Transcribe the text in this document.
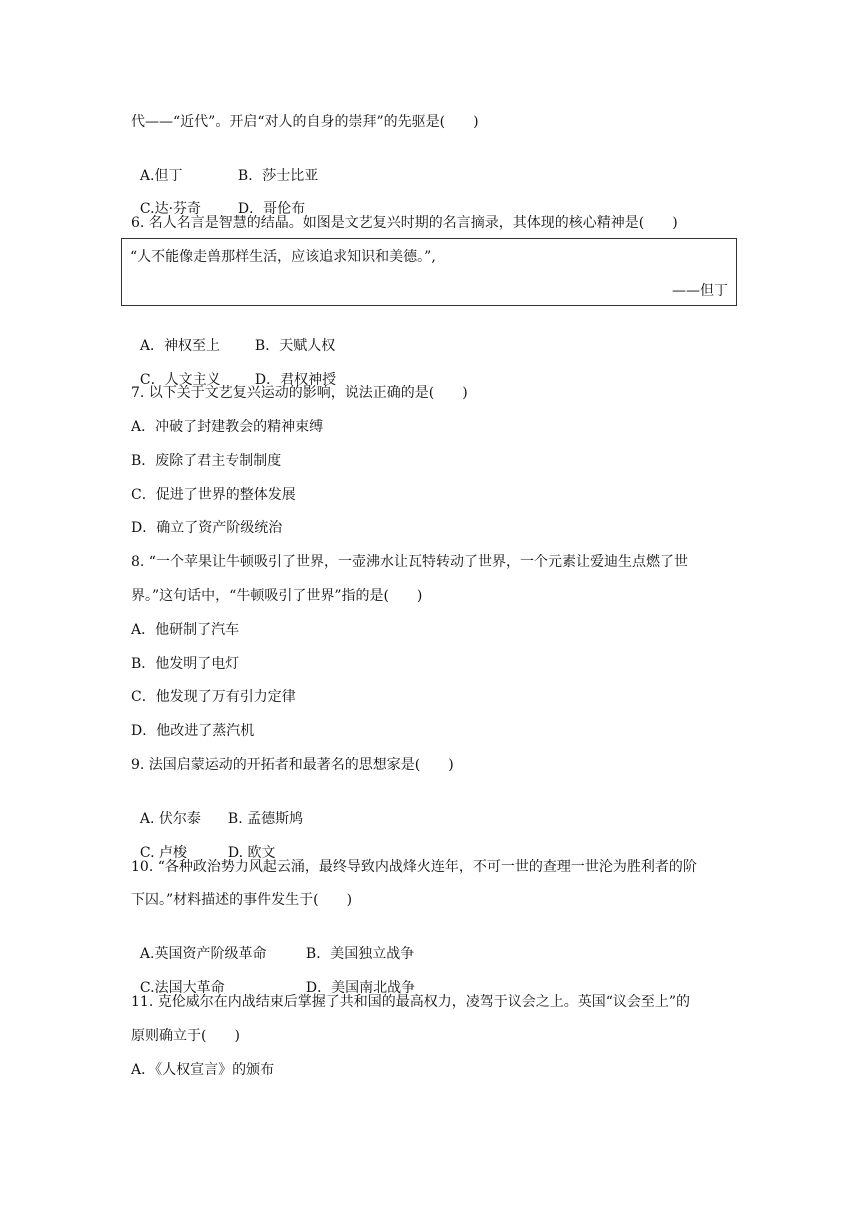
代——“近代”。开启“对人的自身的崇拜”的先驱是(　　)

A.但丁	B．莎士比亚

C.达·芬奇	D．哥伦布

6. 名人名言是智慧的结晶。如图是文艺复兴时期的名言摘录，其体现的核心精神是(　　)
“人不能像走兽那样生活，应该追求知识和美德。”,
——但丁

A．神权至上 B．天赋人权

C．人文主义 D．君权神授

7. 以下关于文艺复兴运动的影响，说法正确的是(　　)
A．冲破了封建教会的精神束缚
B．废除了君主专制制度
C．促进了世界的整体发展
D．确立了资产阶级统治
8. “一个苹果让牛顿吸引了世界，一壶沸水让瓦特转动了世界，一个元素让爱迪生点燃了世
界。”这句话中，“牛顿吸引了世界”指的是(　　)
A．他研制了汽车
B．他发明了电灯
C．他发现了万有引力定律
D．他改进了蒸汽机
9. 法国启蒙运动的开拓者和最著名的思想家是(　　)

A. 伏尔泰 B. 孟德斯鸠

C. 卢梭	D. 欧文

10. “各种政治势力风起云涌，最终导致内战烽火连年，不可一世的查理一世沦为胜利者的阶
下囚。”材料描述的事件发生于(　　)

A.英国资产阶级革命	B．美国独立战争

C.法国大革命	D．美国南北战争

11. 克伦威尔在内战结束后掌握了共和国的最高权力，凌驾于议会之上。英国“议会至上”的
原则确立于(　　)
A．《人权宣言》的颁布
